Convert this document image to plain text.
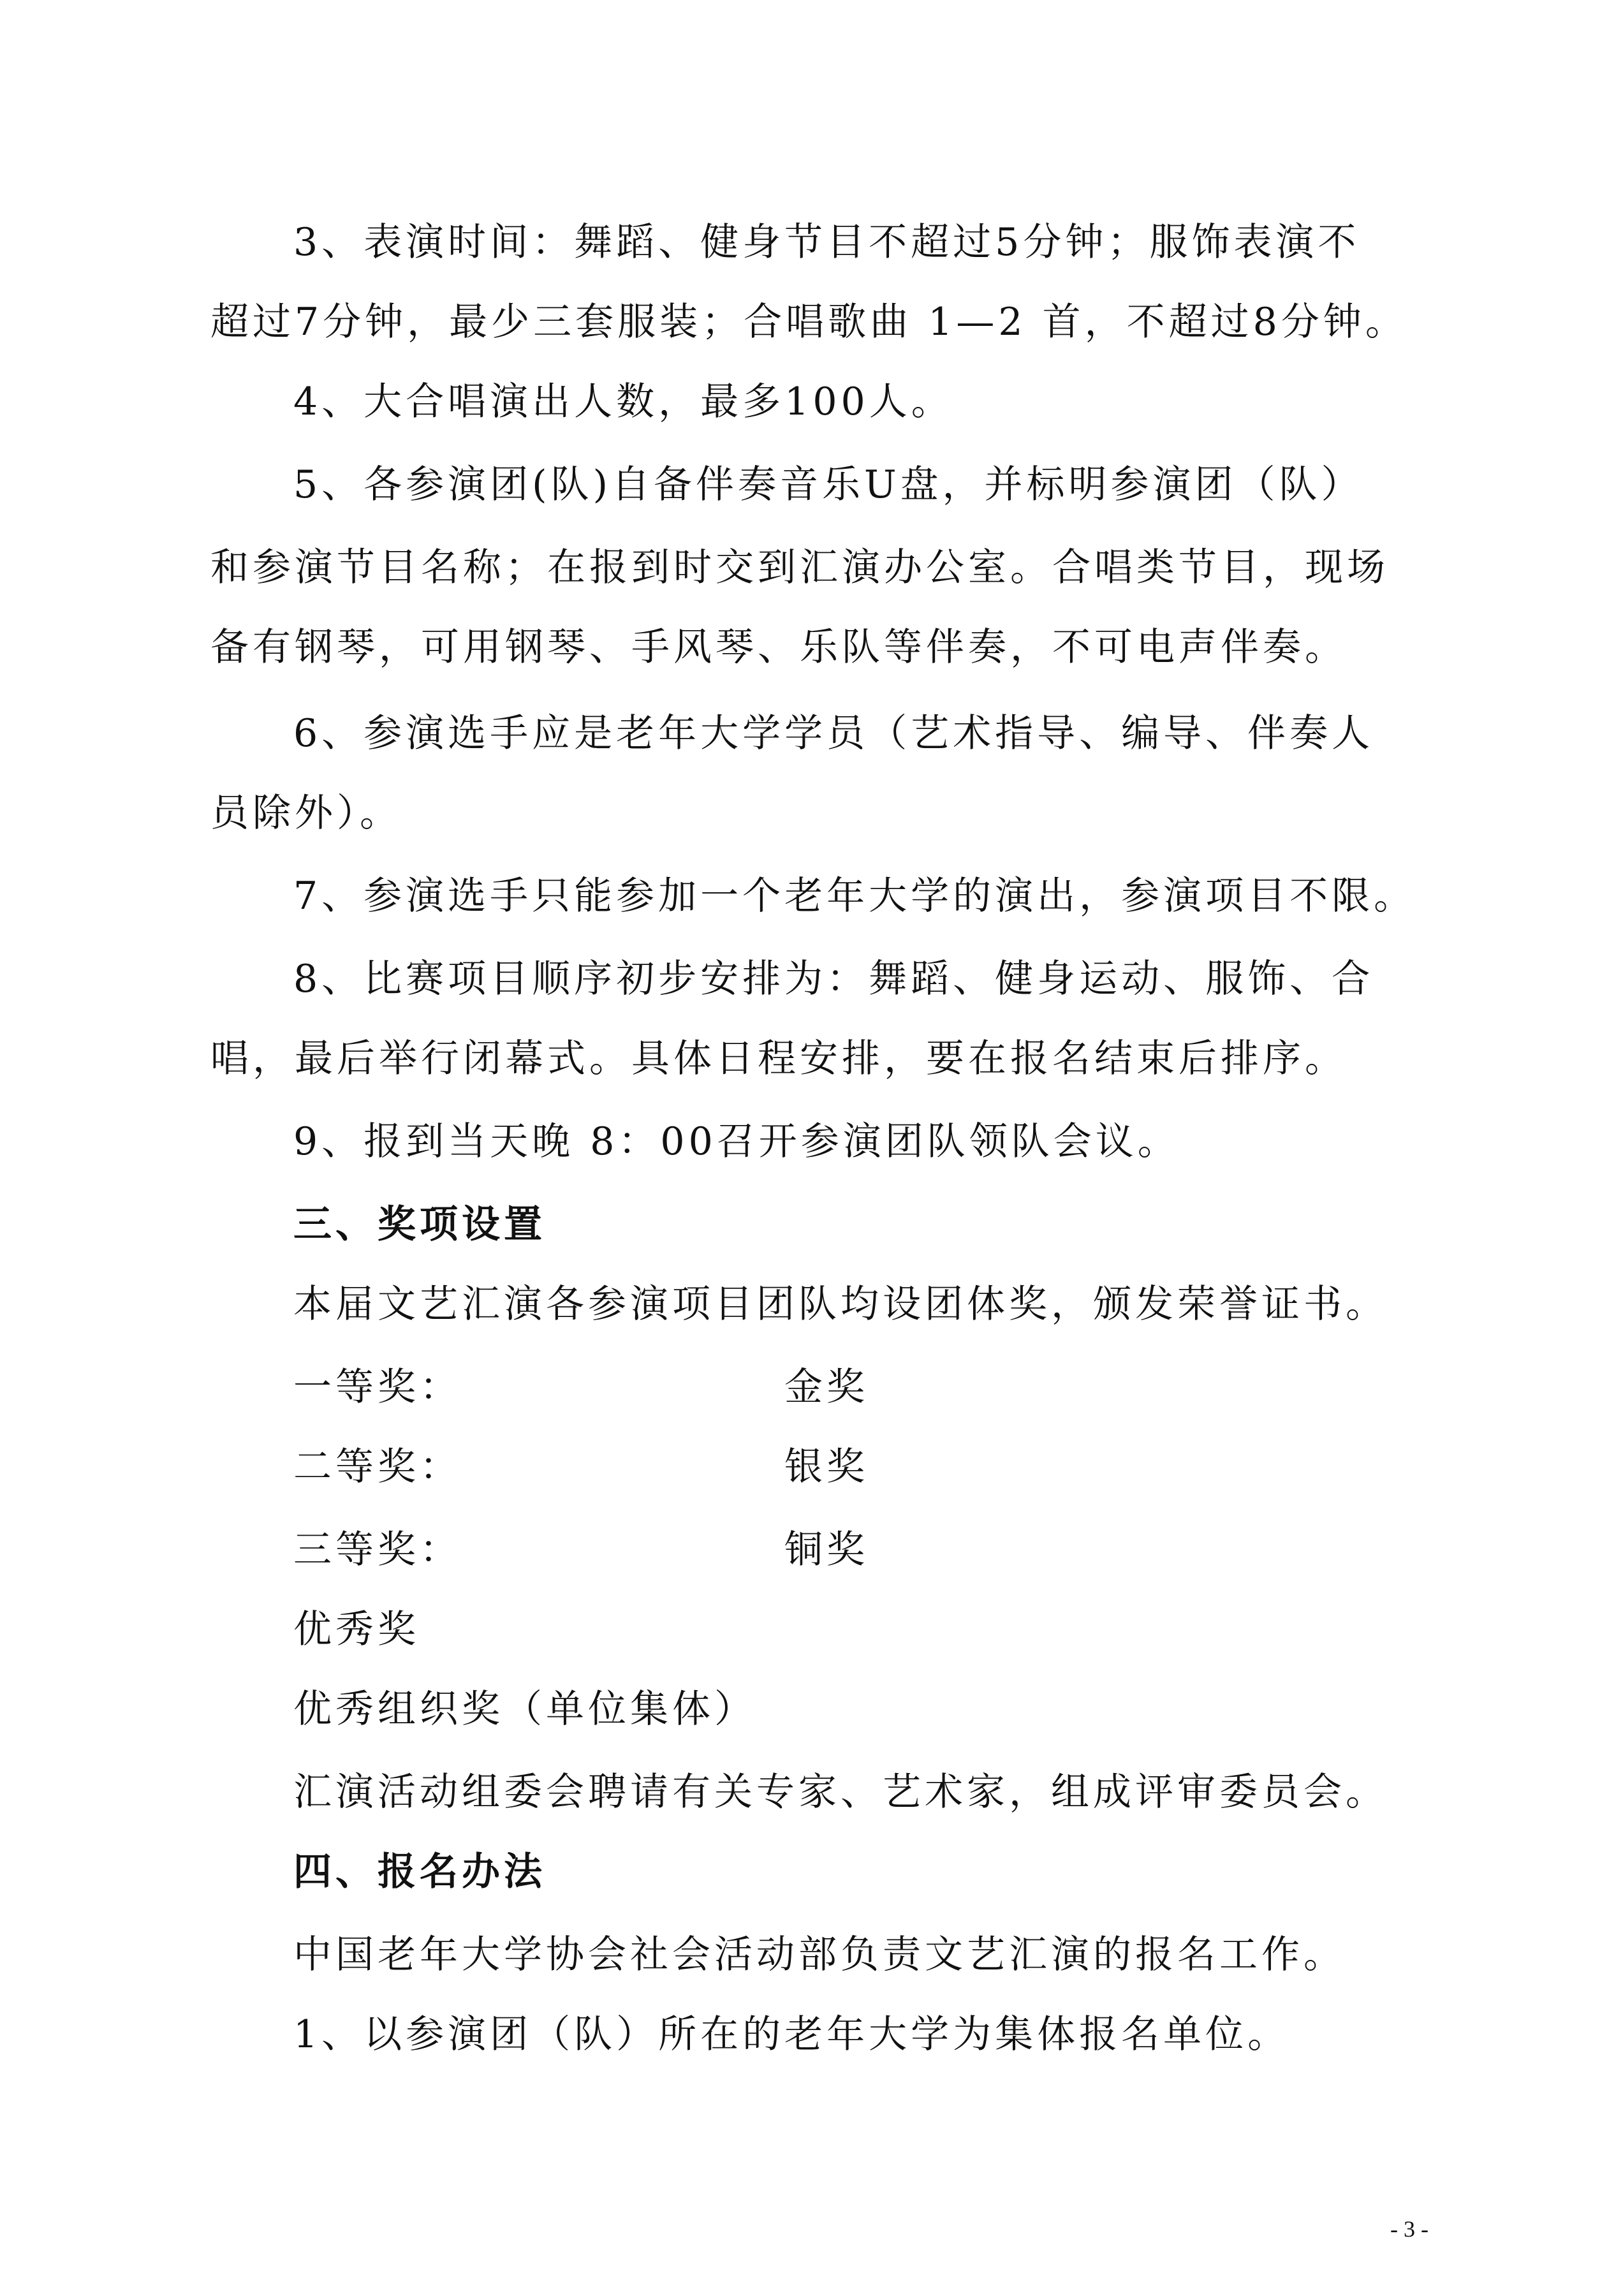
3、表演时间：舞蹈、健身节目不超过5分钟；服饰表演不
超过7分钟，最少三套服装；合唱歌曲 1—2 首，不超过8分钟。
4、大合唱演出人数，最多100人。
5、各参演团(队)自备伴奏音乐U盘，并标明参演团（队）
和参演节目名称；在报到时交到汇演办公室。合唱类节目，现场
备有钢琴，可用钢琴、手风琴、乐队等伴奏，不可电声伴奏。
6、参演选手应是老年大学学员（艺术指导、编导、伴奏人
员除外）。
7、参演选手只能参加一个老年大学的演出，参演项目不限。
8、比赛项目顺序初步安排为：舞蹈、健身运动、服饰、合
唱，最后举行闭幕式。具体日程安排，要在报名结束后排序。
9、报到当天晚 8：00召开参演团队领队会议。
三、奖项设置
本届文艺汇演各参演项目团队均设团体奖，颁发荣誉证书。
一等奖：	金奖
二等奖：	银奖
三等奖：	铜奖
优秀奖
优秀组织奖（单位集体）
汇演活动组委会聘请有关专家、艺术家，组成评审委员会。
四、报名办法
中国老年大学协会社会活动部负责文艺汇演的报名工作。
1、以参演团（队）所在的老年大学为集体报名单位。
- 3 -
